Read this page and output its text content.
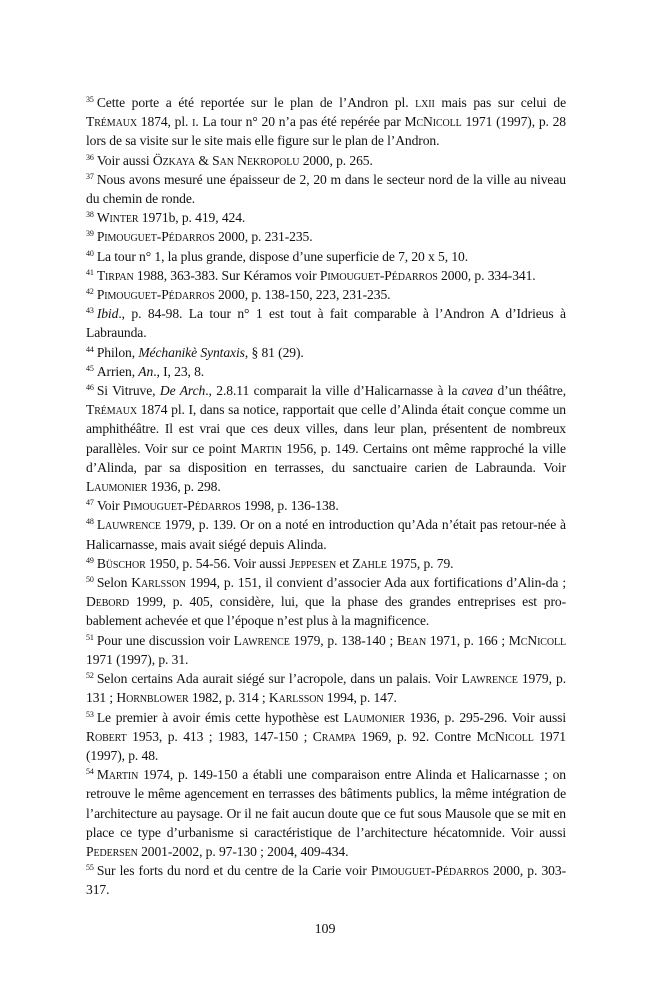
$^{35}$ Cette porte a été reportée sur le plan de l’Andron pl. lxii mais pas sur celui de Trémaux 1874, pl. i. La tour n° 20 n’a pas été repérée par McNicoll 1971 (1997), p. 28 lors de sa visite sur le site mais elle figure sur le plan de l’Andron.

$^{36}$ Voir aussi Özkaya & San Nekropolu 2000, p. 265.

$^{37}$ Nous avons mesuré une épaisseur de 2, 20 m dans le secteur nord de la ville au niveau du chemin de ronde.

$^{38}$ Winter 1971b, p. 419, 424.

$^{39}$ Pimouguet-Pédarros 2000, p. 231-235.

$^{40}$ La tour n° 1, la plus grande, dispose d’une superficie de 7, 20 x 5, 10.

$^{41}$ Tirpan 1988, 363-383. Sur Kéramos voir Pimouguet-Pédarros 2000, p. 334-341.

$^{42}$ Pimouguet-Pédarros 2000, p. 138-150, 223, 231-235.

$^{43}$ Ibid., p. 84-98. La tour n° 1 est tout à fait comparable à l’Andron A d’Idrieus à Labraunda.

$^{44}$ Philon, Méchanikè Syntaxis, § 81 (29).

$^{45}$ Arrien, An., I, 23, 8.

$^{46}$ Si Vitruve, De Arch., 2.8.11 comparait la ville d’Halicarnasse à la cavea d’un théâtre, Trémaux 1874 pl. I, dans sa notice, rapportait que celle d’Alinda était conçue comme un amphithéâtre. Il est vrai que ces deux villes, dans leur plan, présentent de nombreux parallèles. Voir sur ce point Martin 1956, p. 149. Certains ont même rapproché la ville d’Alinda, par sa disposition en terrasses, du sanctuaire carien de Labraunda. Voir Laumonier 1936, p. 298.

$^{47}$ Voir Pimouguet-Pédarros 1998, p. 136-138.

$^{48}$ Lauwrence 1979, p. 139. Or on a noté en introduction qu’Ada n’était pas retour-née à Halicarnasse, mais avait siégé depuis Alinda.

$^{49}$ Büschor 1950, p. 54-56. Voir aussi Jeppesen et Zahle 1975, p. 79.

$^{50}$ Selon Karlsson 1994, p. 151, il convient d’associer Ada aux fortifications d’Alin-da ; Debord 1999, p. 405, considère, lui, que la phase des grandes entreprises est pro-bablement achevée et que l’époque n’est plus à la magnificence.

$^{51}$ Pour une discussion voir Lawrence 1979, p. 138-140 ; Bean 1971, p. 166 ; McNicoll 1971 (1997), p. 31.

$^{52}$ Selon certains Ada aurait siégé sur l’acropole, dans un palais. Voir Lawrence 1979, p. 131 ; Hornblower 1982, p. 314 ; Karlsson 1994, p. 147.

$^{53}$ Le premier à avoir émis cette hypothèse est Laumonier 1936, p. 295-296. Voir aussi Robert 1953, p. 413 ; 1983, 147-150 ; Crampa 1969, p. 92. Contre McNicoll 1971 (1997), p. 48.

$^{54}$ Martin 1974, p. 149-150 a établi une comparaison entre Alinda et Halicarnasse ; on retrouve le même agencement en terrasses des bâtiments publics, la même intégration de l’architecture au paysage. Or il ne fait aucun doute que ce fut sous Mausole que se mit en place ce type d’urbanisme si caractéristique de l’architecture hécatomnide. Voir aussi Pedersen 2001-2002, p. 97-130 ; 2004, 409-434.

$^{55}$ Sur les forts du nord et du centre de la Carie voir Pimouguet-Pédarros 2000, p. 303-317.

109
